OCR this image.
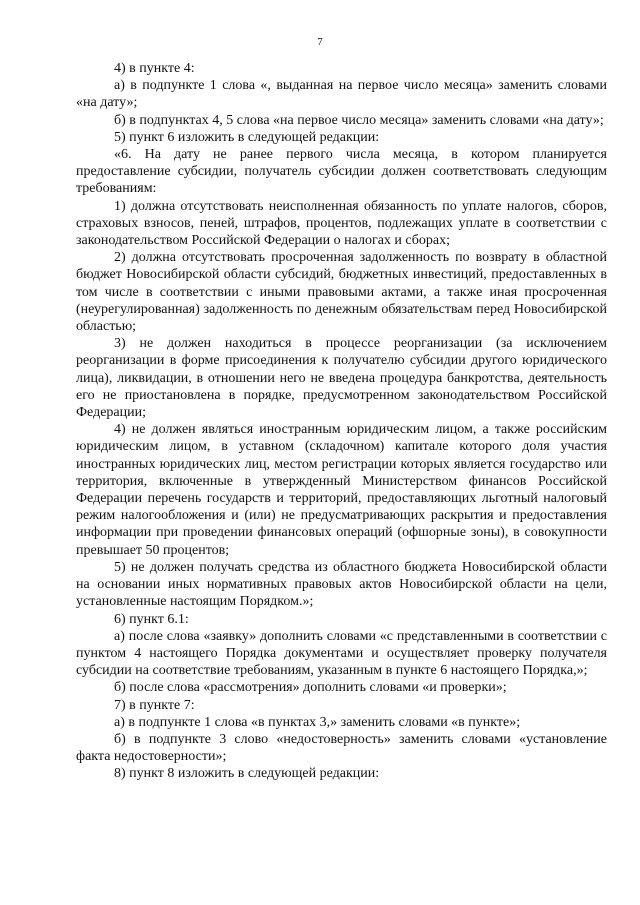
7

4) в пункте 4:

а) в подпункте 1 слова «, выданная на первое число месяца» заменить словами «на дату»;

б) в подпунктах 4, 5 слова «на первое число месяца» заменить словами «на дату»;

5) пункт 6 изложить в следующей редакции:

«6. На дату не ранее первого числа месяца, в котором планируется предоставление субсидии, получатель субсидии должен соответствовать следующим требованиям:

1) должна отсутствовать неисполненная обязанность по уплате налогов, сборов, страховых взносов, пеней, штрафов, процентов, подлежащих уплате в соответствии с законодательством Российской Федерации о налогах и сборах;

2) должна отсутствовать просроченная задолженность по возврату в областной бюджет Новосибирской области субсидий, бюджетных инвестиций, предоставленных в том числе в соответствии с иными правовыми актами, а также иная просроченная (неурегулированная) задолженность по денежным обязательствам перед Новосибирской областью;

3) не должен находиться в процессе реорганизации (за исключением реорганизации в форме присоединения к получателю субсидии другого юридического лица), ликвидации, в отношении него не введена процедура банкротства, деятельность его не приостановлена в порядке, предусмотренном законодательством Российской Федерации;

4) не должен являться иностранным юридическим лицом, а также российским юридическим лицом, в уставном (складочном) капитале которого доля участия иностранных юридических лиц, местом регистрации которых является государство или территория, включенные в утвержденный Министерством финансов Российской Федерации перечень государств и территорий, предоставляющих льготный налоговый режим налогообложения и (или) не предусматривающих раскрытия и предоставления информации при проведении финансовых операций (офшорные зоны), в совокупности превышает 50 процентов;

5) не должен получать средства из областного бюджета Новосибирской области на основании иных нормативных правовых актов Новосибирской области на цели, установленные настоящим Порядком.»;

6) пункт 6.1:

а) после слова «заявку» дополнить словами «с представленными в соответствии с пунктом 4 настоящего Порядка документами и осуществляет проверку получателя субсидии на соответствие требованиям, указанным в пункте 6 настоящего Порядка,»;

б) после слова «рассмотрения» дополнить словами «и проверки»;

7) в пункте 7:

а) в подпункте 1 слова «в пунктах 3,» заменить словами «в пункте»;

б) в подпункте 3 слово «недостоверность» заменить словами «установление факта недостоверности»;

8) пункт 8 изложить в следующей редакции:
